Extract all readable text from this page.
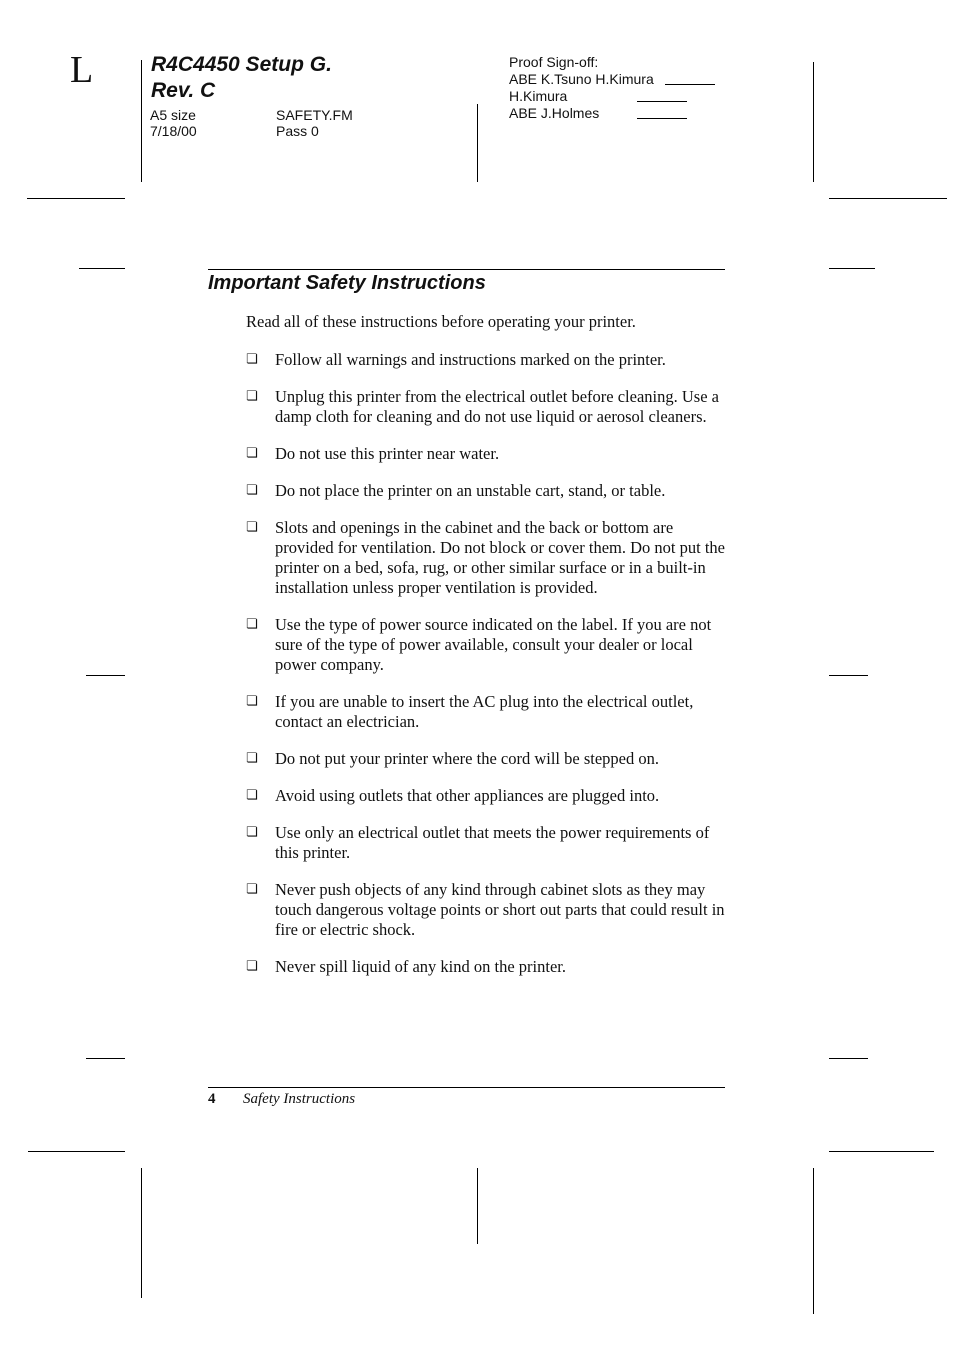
L	R4C4450 Setup G.
Rev. C
A5 size	SAFETY.FM
7/18/00	Pass 0
Proof Sign-off:
ABE K.Tsuno H.Kimura
H.Kimura
ABE J.Holmes
Important Safety Instructions
Read all of these instructions before operating your printer.
❏ Follow all warnings and instructions marked on the printer.
❏ Unplug this printer from the electrical outlet before cleaning. Use a damp cloth for cleaning and do not use liquid or aerosol cleaners.
❏ Do not use this printer near water.
❏ Do not place the printer on an unstable cart, stand, or table.
❏ Slots and openings in the cabinet and the back or bottom are provided for ventilation. Do not block or cover them. Do not put the printer on a bed, sofa, rug, or other similar surface or in a built-in installation unless proper ventilation is provided.
❏ Use the type of power source indicated on the label. If you are not sure of the type of power available, consult your dealer or local power company.
❏ If you are unable to insert the AC plug into the electrical outlet, contact an electrician.
❏ Do not put your printer where the cord will be stepped on.
❏ Avoid using outlets that other appliances are plugged into.
❏ Use only an electrical outlet that meets the power requirements of this printer.
❏ Never push objects of any kind through cabinet slots as they may touch dangerous voltage points or short out parts that could result in fire or electric shock.
❏ Never spill liquid of any kind on the printer.
4 Safety Instructions
